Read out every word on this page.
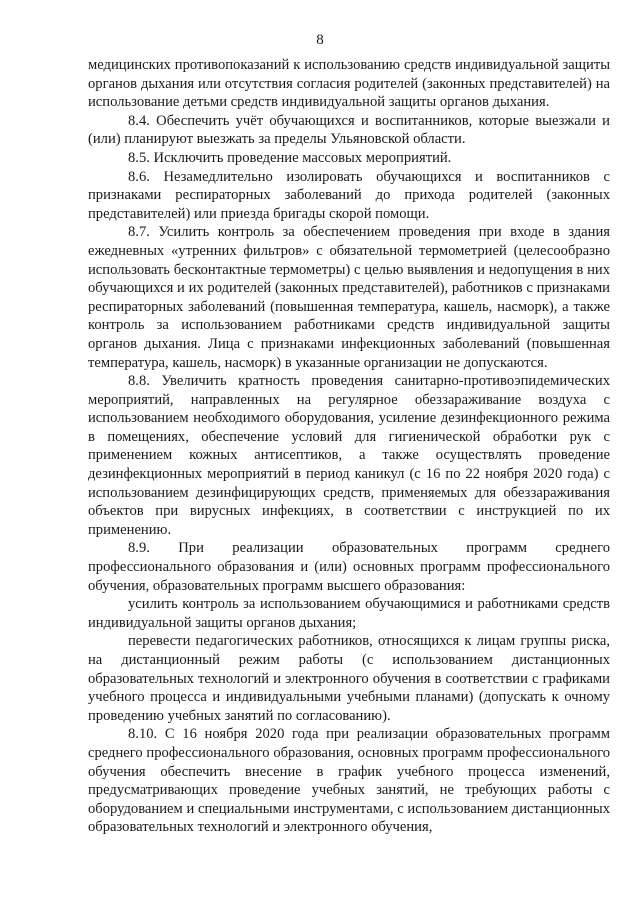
8

медицинских противопоказаний к использованию средств индивидуальной защиты органов дыхания или отсутствия согласия родителей (законных представителей) на использование детьми средств индивидуальной защиты органов дыхания.

8.4. Обеспечить учёт обучающихся и воспитанников, которые выезжали и (или) планируют выезжать за пределы Ульяновской области.

8.5. Исключить проведение массовых мероприятий.

8.6. Незамедлительно изолировать обучающихся и воспитанников с признаками респираторных заболеваний до прихода родителей (законных представителей) или приезда бригады скорой помощи.

8.7. Усилить контроль за обеспечением проведения при входе в здания ежедневных «утренних фильтров» с обязательной термометрией (целесообразно использовать бесконтактные термометры) с целью выявления и недопущения в них обучающихся и их родителей (законных представителей), работников с признаками респираторных заболеваний (повышенная температура, кашель, насморк), а также контроль за использованием работниками средств индивидуальной защиты органов дыхания. Лица с признаками инфекционных заболеваний (повышенная температура, кашель, насморк) в указанные организации не допускаются.

8.8. Увеличить кратность проведения санитарно-противоэпидемических мероприятий, направленных на регулярное обеззараживание воздуха с использованием необходимого оборудования, усиление дезинфекционного режима в помещениях, обеспечение условий для гигиенической обработки рук с применением кожных антисептиков, а также осуществлять проведение дезинфекционных мероприятий в период каникул (с 16 по 22 ноября 2020 года) с использованием дезинфицирующих средств, применяемых для обеззараживания объектов при вирусных инфекциях, в соответствии с инструкцией по их применению.

8.9. При реализации образовательных программ среднего профессионального образования и (или) основных программ профессионального обучения, образовательных программ высшего образования:

усилить контроль за использованием обучающимися и работниками средств индивидуальной защиты органов дыхания;

перевести педагогических работников, относящихся к лицам группы риска, на дистанционный режим работы (с использованием дистанционных образовательных технологий и электронного обучения в соответствии с графиками учебного процесса и индивидуальными учебными планами) (допускать к очному проведению учебных занятий по согласованию).

8.10. С 16 ноября 2020 года при реализации образовательных программ среднего профессионального образования, основных программ профессионального обучения обеспечить внесение в график учебного процесса изменений, предусматривающих проведение учебных занятий, не требующих работы с оборудованием и специальными инструментами, с использованием дистанционных образовательных технологий и электронного обучения,
